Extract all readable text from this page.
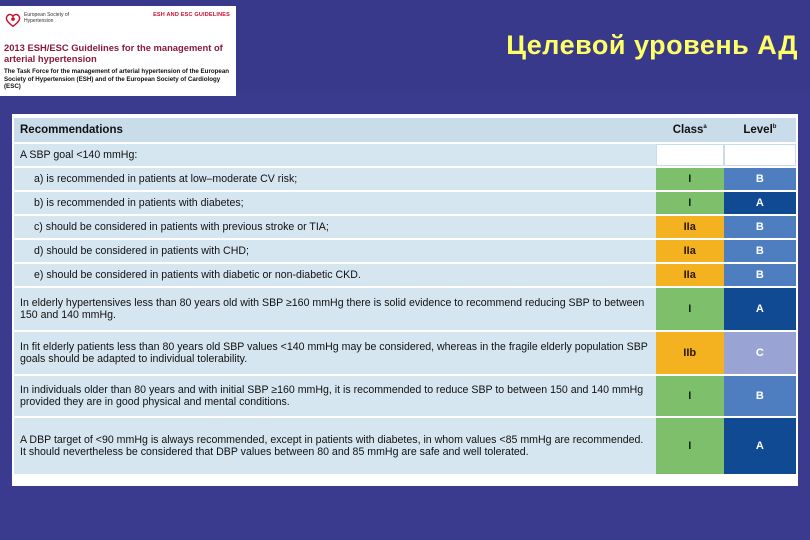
European Society of Hypertension
ESH AND ESC GUIDELINES
2013 ESH/ESC Guidelines for the management of arterial hypertension
The Task Force for the management of arterial hypertension of the European Society of Hypertension (ESH) and of the European Society of Cardiology (ESC)
Целевой уровень АД
Recommendations	Class$^a$	Level$^b$
A SBP goal <140 mmHg:		
a) is recommended in patients at low–moderate CV risk;	I	B
b) is recommended in patients with diabetes;	I	A
c) should be considered in patients with previous stroke or TIA;	IIa	B
d) should be considered in patients with CHD;	IIa	B
e) should be considered in patients with diabetic or non-diabetic CKD.	IIa	B
In elderly hypertensives less than 80 years old with SBP ≥160 mmHg there is solid evidence to recommend reducing SBP to between 150 and 140 mmHg.	I	A
In fit elderly patients less than 80 years old SBP values <140 mmHg may be considered, whereas in the fragile elderly population SBP goals should be adapted to individual tolerability.	IIb	C
In individuals older than 80 years and with initial SBP ≥160 mmHg, it is recommended to reduce SBP to between 150 and 140 mmHg provided they are in good physical and mental conditions.	I	B
A DBP target of <90 mmHg is always recommended, except in patients with diabetes, in whom values <85 mmHg are recommended. It should nevertheless be considered that DBP values between 80 and 85 mmHg are safe and well tolerated.	I	A
